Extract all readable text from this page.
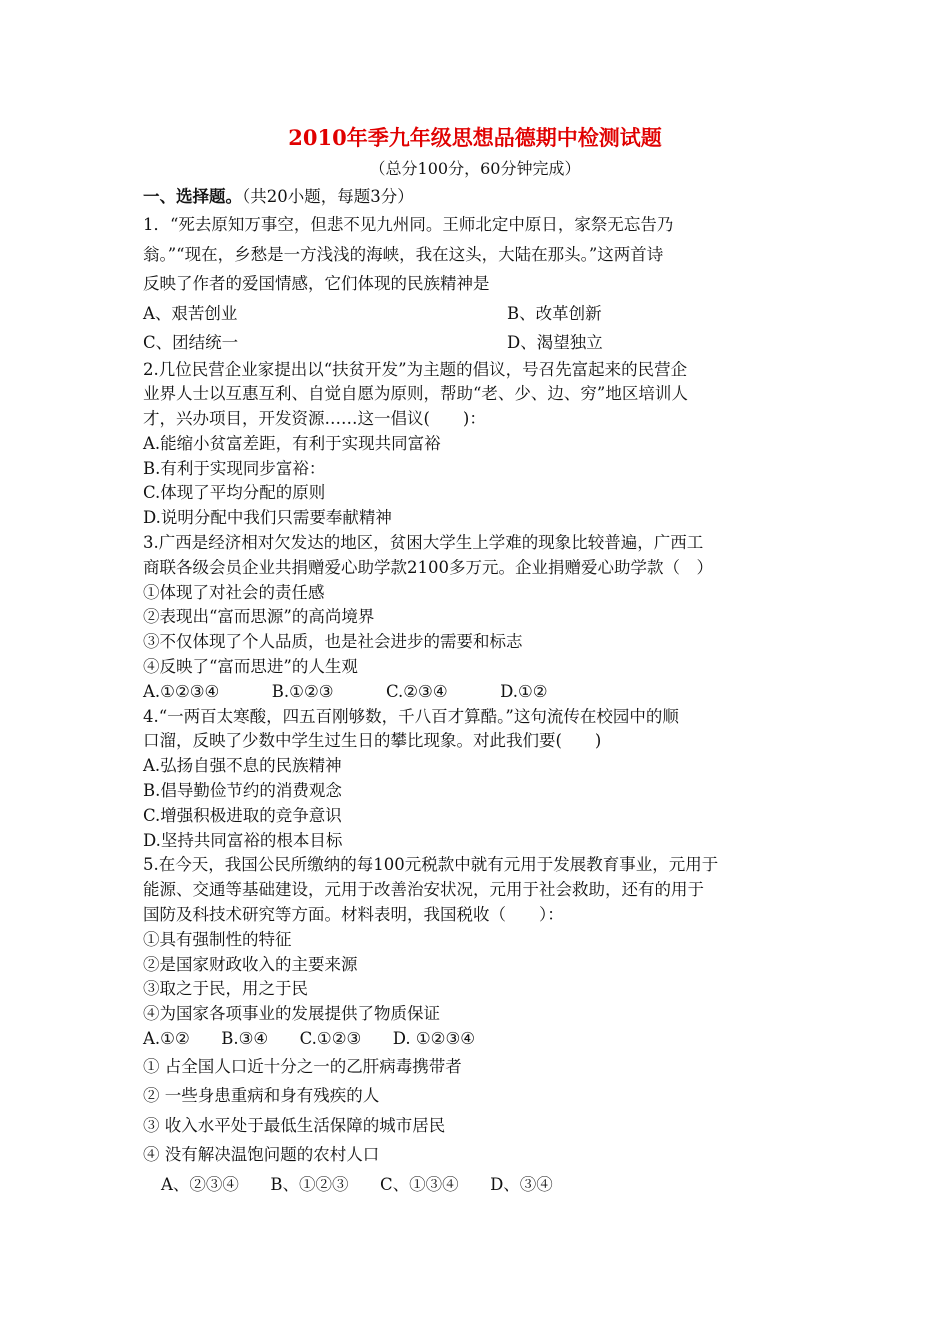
2010年季九年级思想品德期中检测试题
（总分100分，60分钟完成）

一、选择题。（共20小题，每题3分）

1．“死去原知万事空，但悲不见九州同。王师北定中原日，家祭无忘告乃

翁。”“现在，乡愁是一方浅浅的海峡，我在这头，大陆在那头。”这两首诗

反映了作者的爱国情感，它们体现的民族精神是

A、艰苦创业	B、改革创新
C、团结统一	D、渴望独立

2.几位民营企业家提出以“扶贫开发”为主题的倡议，号召先富起来的民营企

业界人士以互惠互利、自觉自愿为原则，帮助“老、少、边、穷”地区培训人

才，兴办项目，开发资源……这一倡议(　　)：

A.能缩小贫富差距，有利于实现共同富裕

B.有利于实现同步富裕：

C.体现了平均分配的原则

D.说明分配中我们只需要奉献精神

3.广西是经济相对欠发达的地区，贫困大学生上学难的现象比较普遍，广西工

商联各级会员企业共捐赠爱心助学款2100多万元。企业捐赠爱心助学款（　）

①体现了对社会的责任感

②表现出“富而思源”的高尚境界

③不仅体现了个人品质，也是社会进步的需要和标志

④反映了“富而思进”的人生观

A.①②③④          B.①②③          C.②③④          D.①②

4.“一两百太寒酸，四五百刚够数，千八百才算酷。”这句流传在校园中的顺

口溜，反映了少数中学生过生日的攀比现象。对此我们要(　　)

A.弘扬自强不息的民族精神

B.倡导勤俭节约的消费观念

C.增强积极进取的竞争意识

D.坚持共同富裕的根本目标

5.在今天，我国公民所缴纳的每100元税款中就有元用于发展教育事业，元用于

能源、交通等基础建设，元用于改善治安状况，元用于社会救助，还有的用于

国防及科技术研究等方面。材料表明，我国税收（　　）：

①具有强制性的特征

②是国家财政收入的主要来源

③取之于民，用之于民

④为国家各项事业的发展提供了物质保证

A.①②      B.③④      C.①②③      D. ①②③④

① 占全国人口近十分之一的乙肝病毒携带者

② 一些身患重病和身有残疾的人

③ 收入水平处于最低生活保障的城市居民

④ 没有解决温饱问题的农村人口

A、②③④      B、①②③      C、①③④      D、③④
